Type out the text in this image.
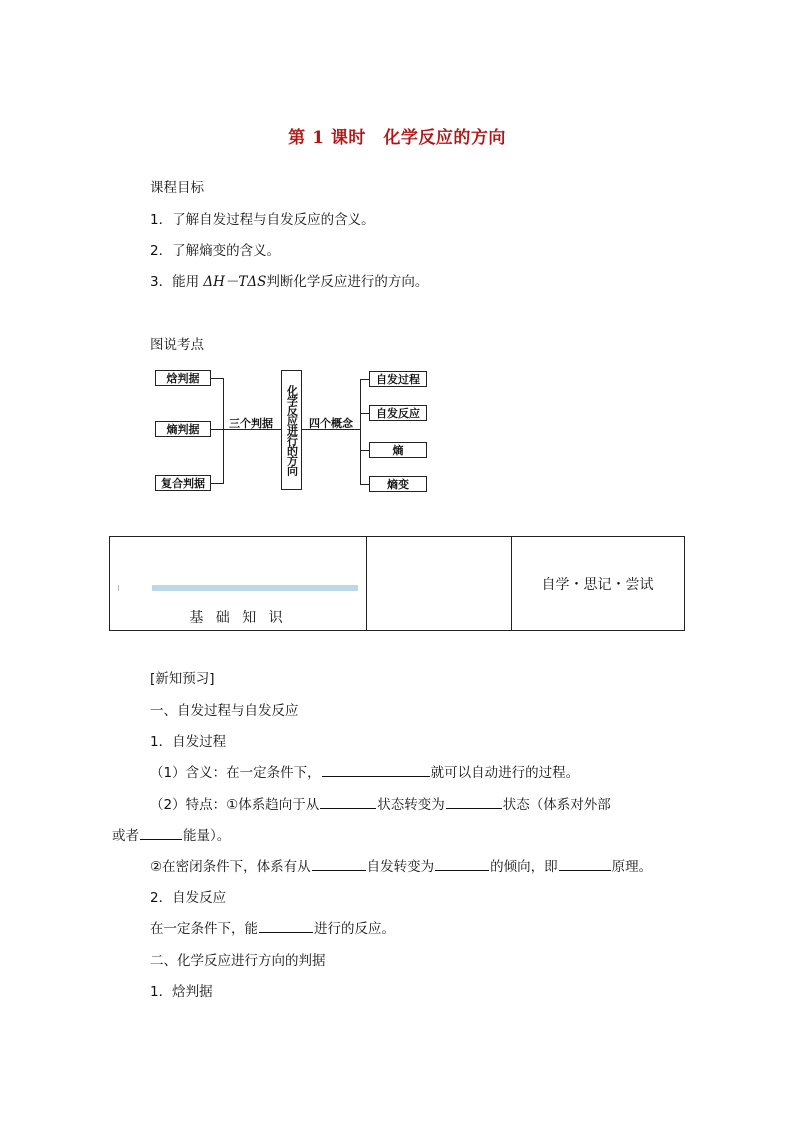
第 1 课时　化学反应的方向
课程目标
1．了解自发过程与自发反应的含义。
2．了解熵变的含义。
3．能用 ΔH－TΔS判断化学反应进行的方向。
图说考点
焓判据
熵判据
复合判据
三个判据	化学反应进行的方向 四个概念
自发过程
自发反应
熵
熵变
基 础 知 识
自学・思记・尝试
[新知预习]
一、自发过程与自发反应
1．自发过程
（1）含义：在一定条件下，	就可以自动进行的过程。
（2）特点：①体系趋向于从	状态转变为	状态（体系对外部
或者	能量）。
②在密闭条件下，体系有从	自发转变为	的倾向，即	原理。
2．自发反应
在一定条件下，能	进行的反应。
二、化学反应进行方向的判据
1．焓判据
